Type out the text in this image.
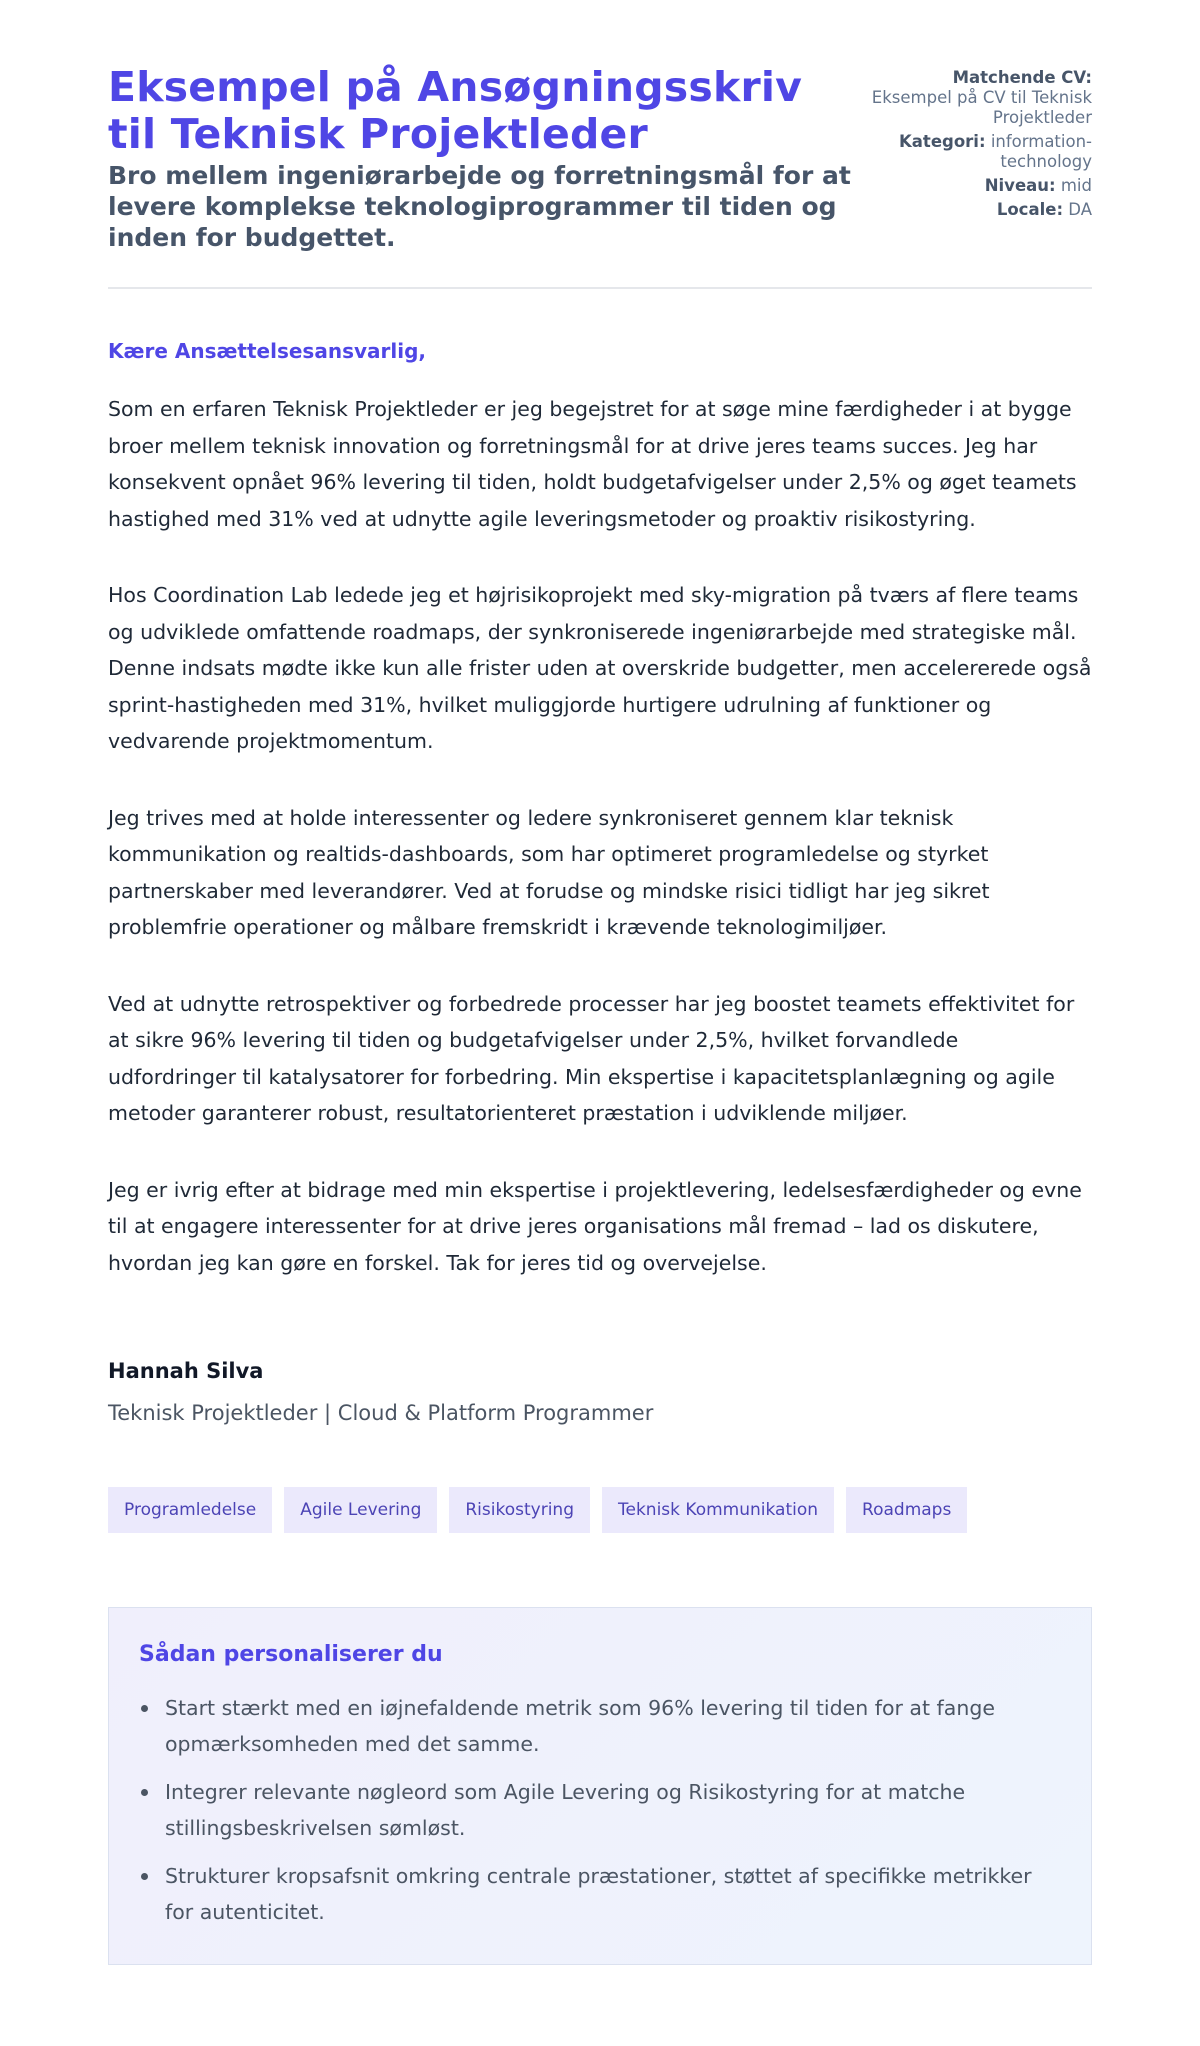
Eksempel på Ansøgningsskriv til Teknisk Projektleder
Bro mellem ingeniørarbejde og forretningsmål for at levere komplekse teknologiprogrammer til tiden og inden for budgettet.
Matchende CV:
Eksempel på CV til Teknisk Projektleder
Kategori: information-technology
Niveau: mid
Locale: DA

Kære Ansættelsesansvarlig,

Som en erfaren Teknisk Projektleder er jeg begejstret for at søge mine færdigheder i at bygge broer mellem teknisk innovation og forretningsmål for at drive jeres teams succes. Jeg har konsekvent opnået 96% levering til tiden, holdt budgetafvigelser under 2,5% og øget teamets hastighed med 31% ved at udnytte agile leveringsmetoder og proaktiv risikostyring.

Hos Coordination Lab ledede jeg et højrisikoprojekt med sky-migration på tværs af flere teams og udviklede omfattende roadmaps, der synkroniserede ingeniørarbejde med strategiske mål. Denne indsats mødte ikke kun alle frister uden at overskride budgetter, men accelererede også sprint-hastigheden med 31%, hvilket muliggjorde hurtigere udrulning af funktioner og vedvarende projektmomentum.

Jeg trives med at holde interessenter og ledere synkroniseret gennem klar teknisk kommunikation og realtids-dashboards, som har optimeret programledelse og styrket partnerskaber med leverandører. Ved at forudse og mindske risici tidligt har jeg sikret problemfrie operationer og målbare fremskridt i krævende teknologimiljøer.

Ved at udnytte retrospektiver og forbedrede processer har jeg boostet teamets effektivitet for at sikre 96% levering til tiden og budgetafvigelser under 2,5%, hvilket forvandlede udfordringer til katalysatorer for forbedring. Min ekspertise i kapacitetsplanlægning og agile metoder garanterer robust, resultatorienteret præstation i udviklende miljøer.

Jeg er ivrig efter at bidrage med min ekspertise i projektlevering, ledelsesfærdigheder og evne til at engagere interessenter for at drive jeres organisations mål fremad – lad os diskutere, hvordan jeg kan gøre en forskel. Tak for jeres tid og overvejelse.

Hannah Silva
Teknisk Projektleder | Cloud & Platform Programmer
Programledelse	Agile Levering	Risikostyring	Teknisk Kommunikation	Roadmaps
Sådan personaliserer du
Start stærkt med en iøjnefaldende metrik som 96% levering til tiden for at fange opmærksomheden med det samme.
Integrer relevante nøgleord som Agile Levering og Risikostyring for at matche stillingsbeskrivelsen sømløst.
Strukturer kropsafsnit omkring centrale præstationer, støttet af specifikke metrikker for autenticitet.
